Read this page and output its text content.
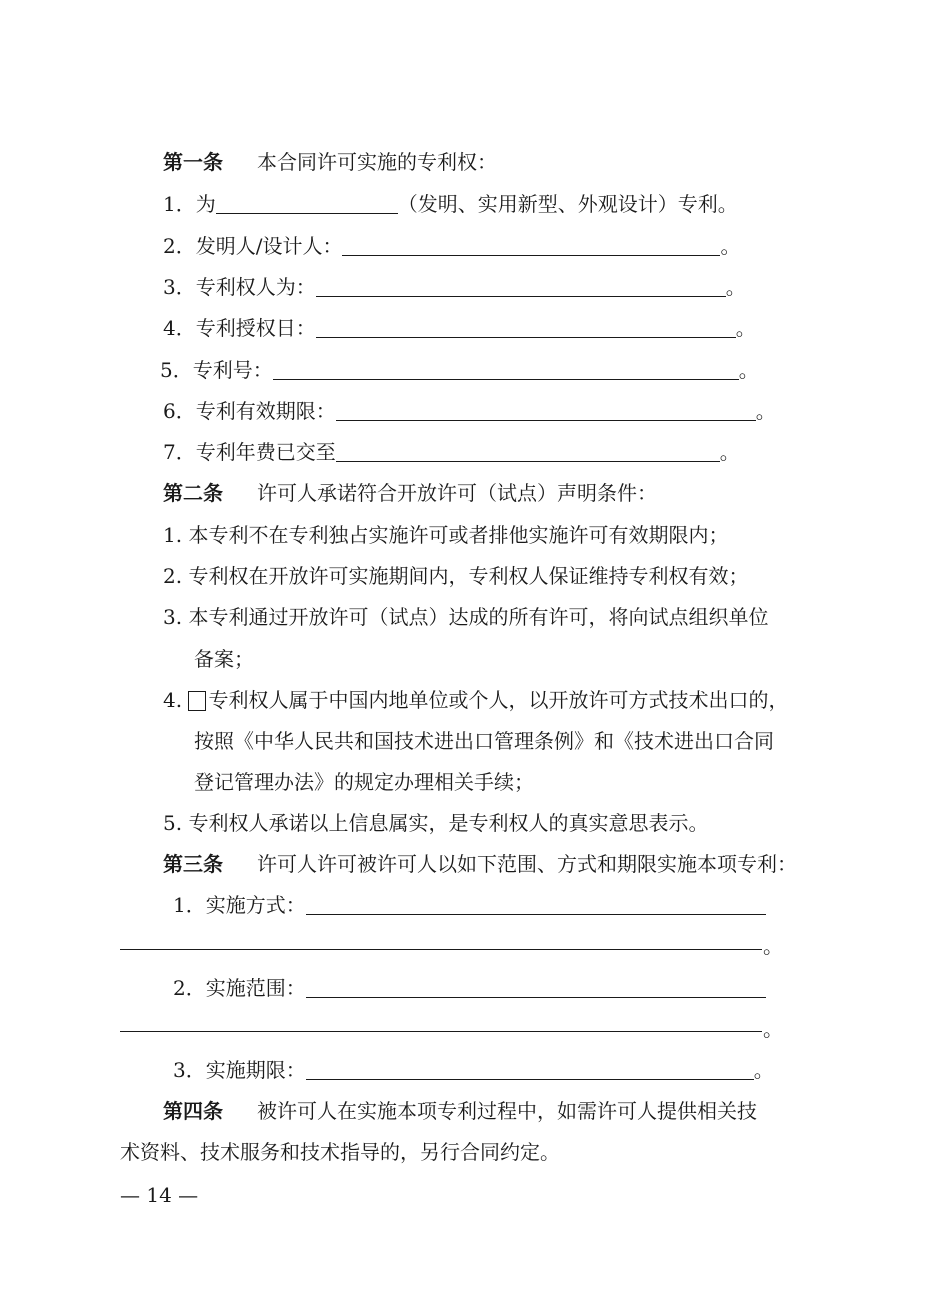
第一条 本合同许可实施的专利权：
1．为	（发明、实用新型、外观设计）专利。
2．发明人/设计人：	。
3．专利权人为：	。
4．专利授权日：	。
5．专利号：	。
6．专利有效期限：	。
7．专利年费已交至	。
第二条 许可人承诺符合开放许可（试点）声明条件：
1. 本专利不在专利独占实施许可或者排他实施许可有效期限内；
2. 专利权在开放许可实施期间内，专利权人保证维持专利权有效；
3. 本专利通过开放许可（试点）达成的所有许可，将向试点组织单位
备案；
4. 专利权人属于中国内地单位或个人，以开放许可方式技术出口的，
按照《中华人民共和国技术进出口管理条例》和《技术进出口合同
登记管理办法》的规定办理相关手续；
5. 专利权人承诺以上信息属实，是专利权人的真实意思表示。
第三条 许可人许可被许可人以如下范围、方式和期限实施本项专利：
1．实施方式：
。
2．实施范围：
。
3．实施期限：	。
第四条 被许可人在实施本项专利过程中，如需许可人提供相关技
术资料、技术服务和技术指导的，另行合同约定。
— 14 —
